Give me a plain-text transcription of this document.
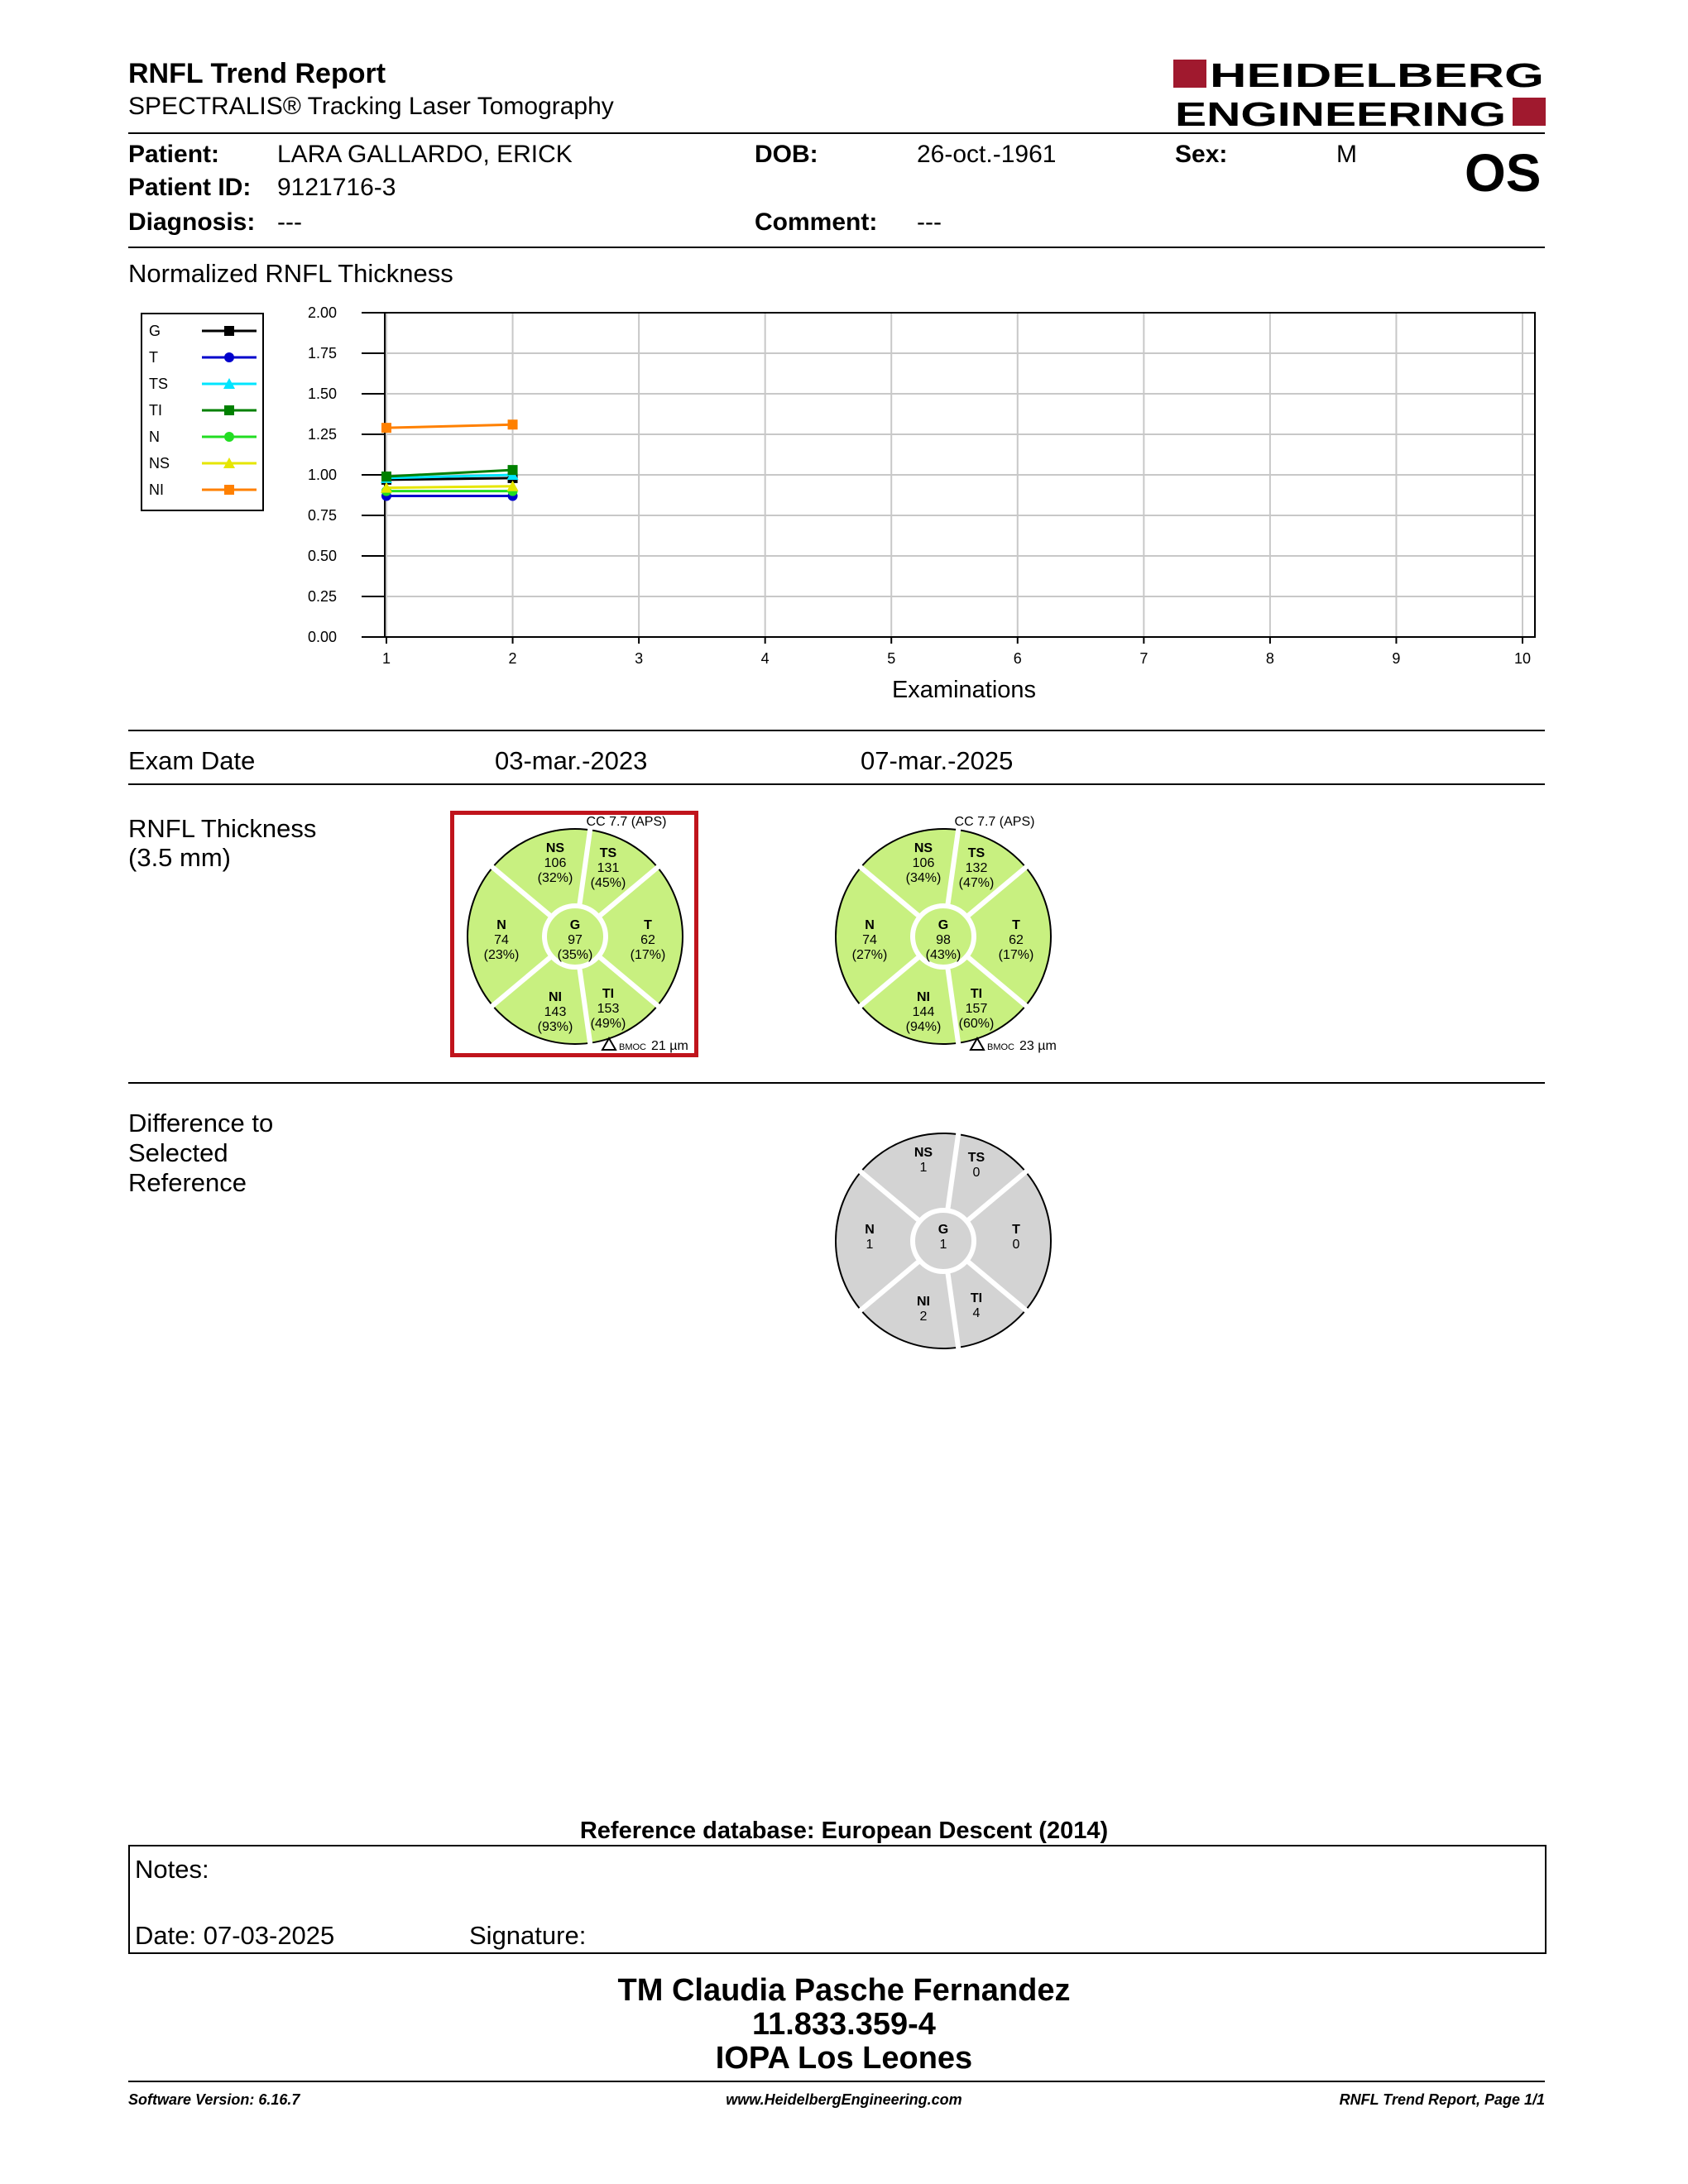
RNFL Trend Report
SPECTRALIS® Tracking Laser Tomography
HEIDELBERG
ENGINEERING
Patient: LARA GALLARDO, ERICK
Patient ID: 9121716-3
Diagnosis: ---
DOB:	26-oct.-1961
Comment: ---
Sex:	M OS
Normalized RNFL Thickness
G
T
TS
TI
N
NS
NI
1	2	3	4	5	6	7	8	9	10
0.00
0.25
0.50
0.75
1.00
1.25
1.50
1.75
2.00
Examinations
Exam Date	03-mar.-2023	07-mar.-2025
RNFL Thickness
(3.5 mm)	NS
106
(32%)
TS
131
(45%)
N
74
(23%)
G
97
(35%)
T
62
(17%)
NI
143
(93%)
TI
153
(49%)
CC 7.7 (APS)
BMOC 21 µm
NS
106
(34%)
TS
132
(47%)
N
74
(27%)
G
98
(43%)
T
62
(17%)
NI
144
(94%)
TI
157
(60%)
CC 7.7 (APS)
BMOC 23 µm
Difference to
Selected
Reference
NS
1
TS
0
N
1
G
1
T
0
NI
2
TI
4
Reference database: European Descent (2014)
Notes:
Date: 07-03-2025	Signature:
TM Claudia Pasche Fernandez
11.833.359-4
IOPA Los Leones
Software Version: 6.16.7	www.HeidelbergEngineering.com	RNFL Trend Report, Page 1/1
